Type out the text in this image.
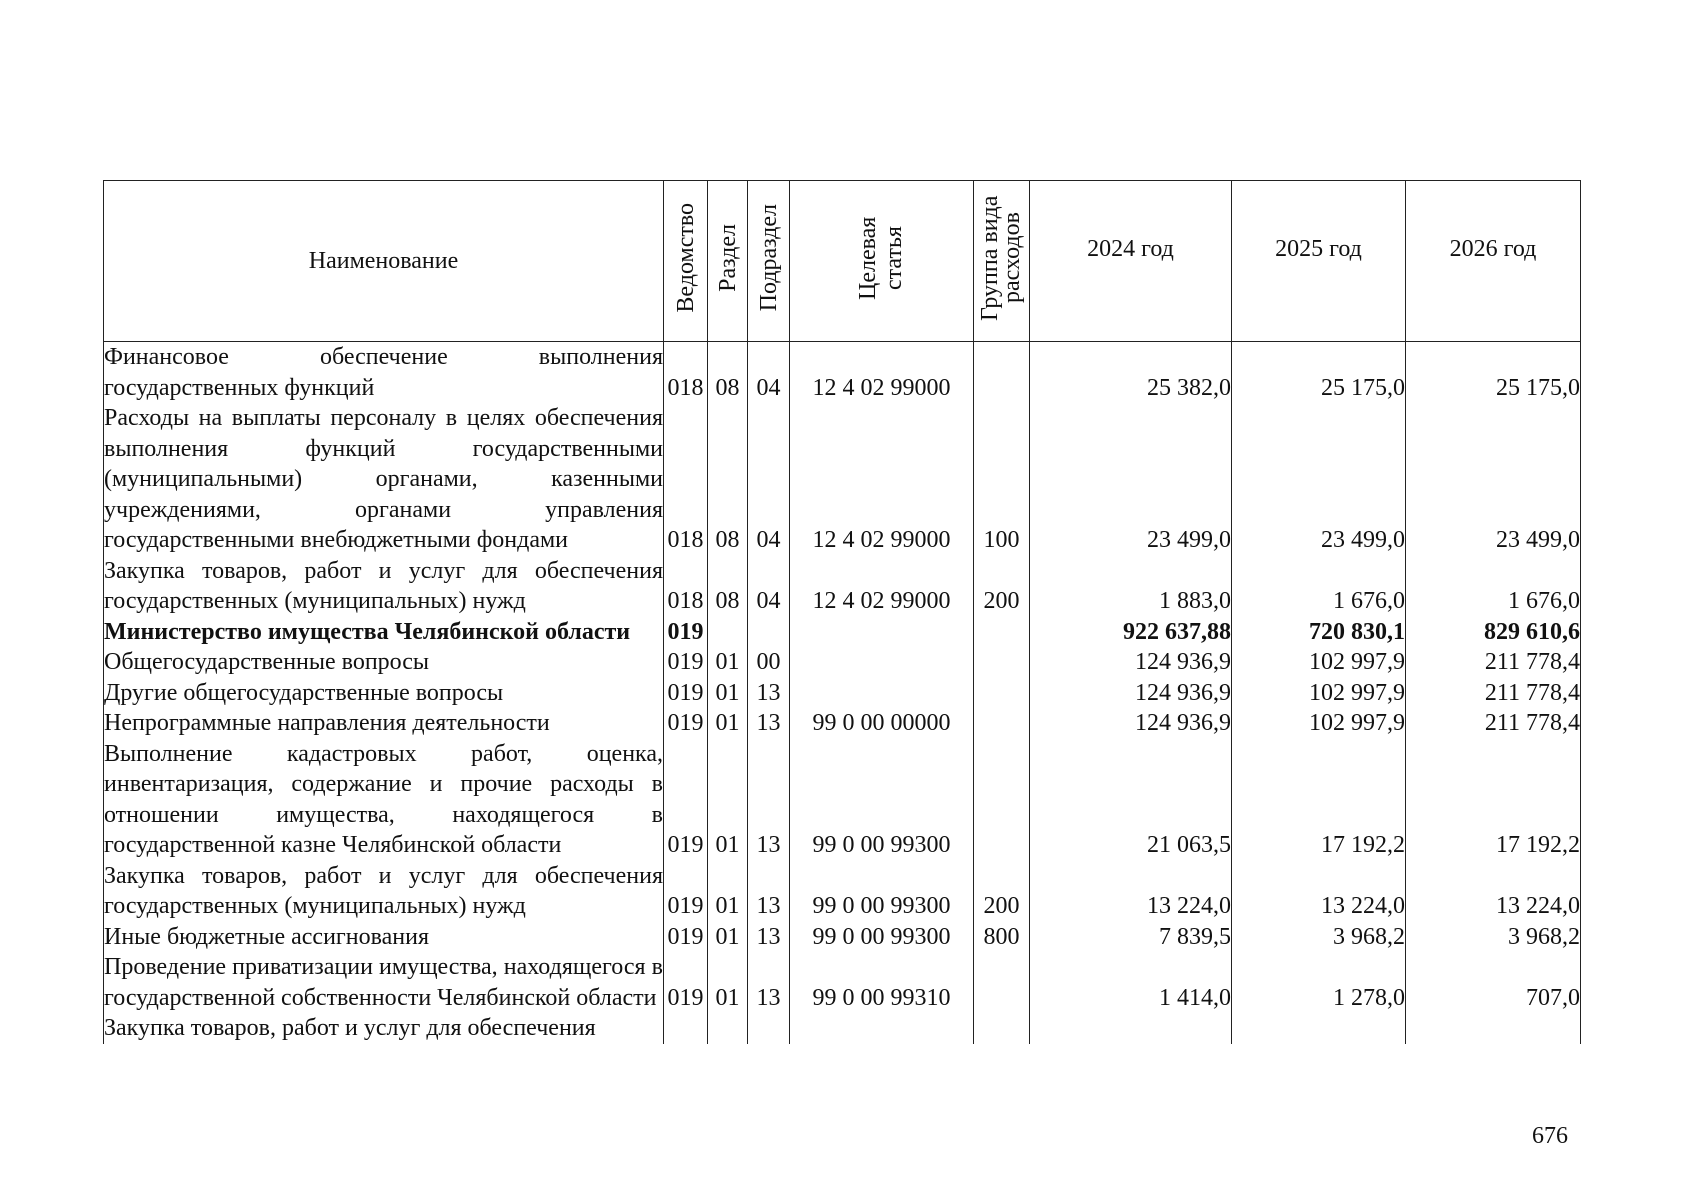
Наименование	Ведомство	Раздел	Подраздел	Целевая статья	Группа вида расходов	2024 год	2025 год	2026 год
Финансовое обеспечение выполнения государственных функций	018	08	04	12 4 02 99000		25 382,0	25 175,0	25 175,0
Расходы на выплаты персоналу в целях обеспечения выполнения функций государственными (муниципальными) органами, казенными учреждениями, органами управления государственными внебюджетными фондами	018	08	04	12 4 02 99000	100	23 499,0	23 499,0	23 499,0
Закупка товаров, работ и услуг для обеспечения государственных (муниципальных) нужд	018	08	04	12 4 02 99000	200	1 883,0	1 676,0	1 676,0
Министерство имущества Челябинской области	019					922 637,88	720 830,1	829 610,6
Общегосударственные вопросы	019	01	00			124 936,9	102 997,9	211 778,4
Другие общегосударственные вопросы	019	01	13			124 936,9	102 997,9	211 778,4
Непрограммные направления деятельности	019	01	13	99 0 00 00000		124 936,9	102 997,9	211 778,4
Выполнение кадастровых работ, оценка, инвентаризация, содержание и прочие расходы в отношении имущества, находящегося в государственной казне Челябинской области	019	01	13	99 0 00 99300		21 063,5	17 192,2	17 192,2
Закупка товаров, работ и услуг для обеспечения государственных (муниципальных) нужд	019	01	13	99 0 00 99300	200	13 224,0	13 224,0	13 224,0
Иные бюджетные ассигнования	019	01	13	99 0 00 99300	800	7 839,5	3 968,2	3 968,2
Проведение приватизации имущества, находящегося в государственной собственности Челябинской области	019	01	13	99 0 00 99310		1 414,0	1 278,0	707,0
Закупка товаров, работ и услуг для обеспечения								
676
